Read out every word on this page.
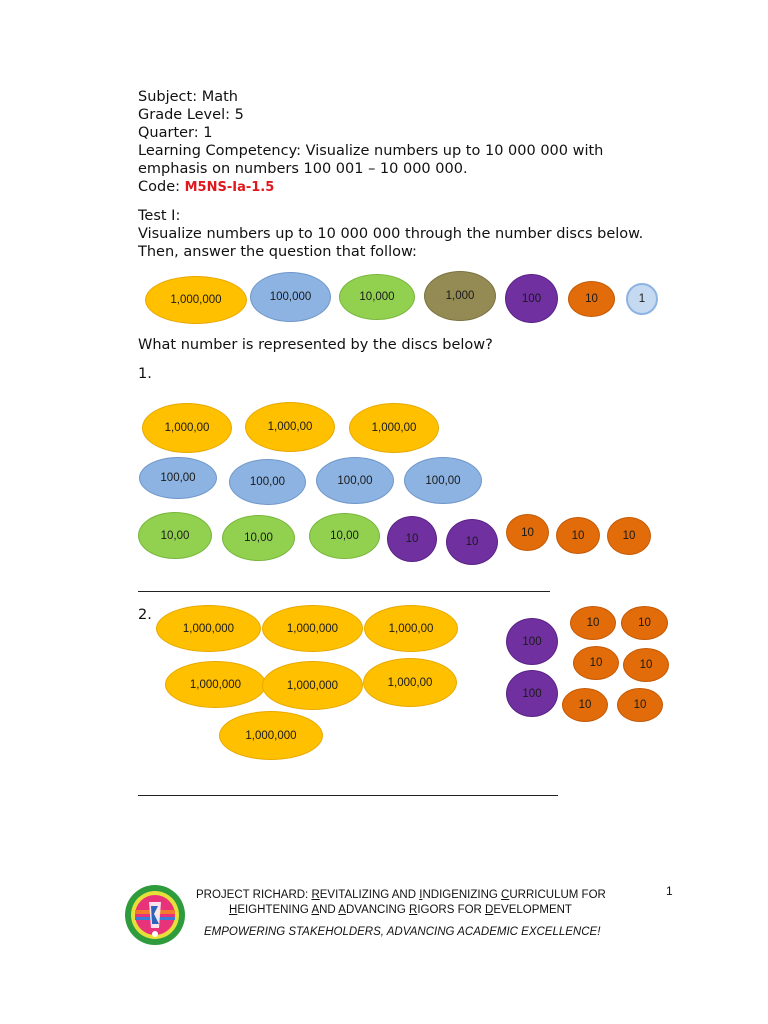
Subject: Math
Grade Level: 5
Quarter: 1
Learning Competency: Visualize numbers up to 10 000 000 with
emphasis on numbers 100 001 – 10 000 000.
Code: M5NS-Ia-1.5
Test I:
Visualize numbers up to 10 000 000 through the number discs below.
Then, answer the question that follow:
1,000,000	100,000	10,000	1,000	100	10	1
What number is represented by the discs below?
1.
1,000,00	1,000,00	1,000,00
100,00	100,00	100,00	100,00
10,00	10,00	10,00	10	10
10	10	10
2.
1,000,000	1,000,000	1,000,00
1,000,000	1,000,000	1,000,00
1,000,000
100
100
10	10
10	10
10	10
PROJECT RICHARD: REVITALIZING AND INDIGENIZING CURRICULUM FOR
HEIGHTENING AND ADVANCING RIGORS FOR DEVELOPMENT
EMPOWERING STAKEHOLDERS, ADVANCING ACADEMIC EXCELLENCE!
1
